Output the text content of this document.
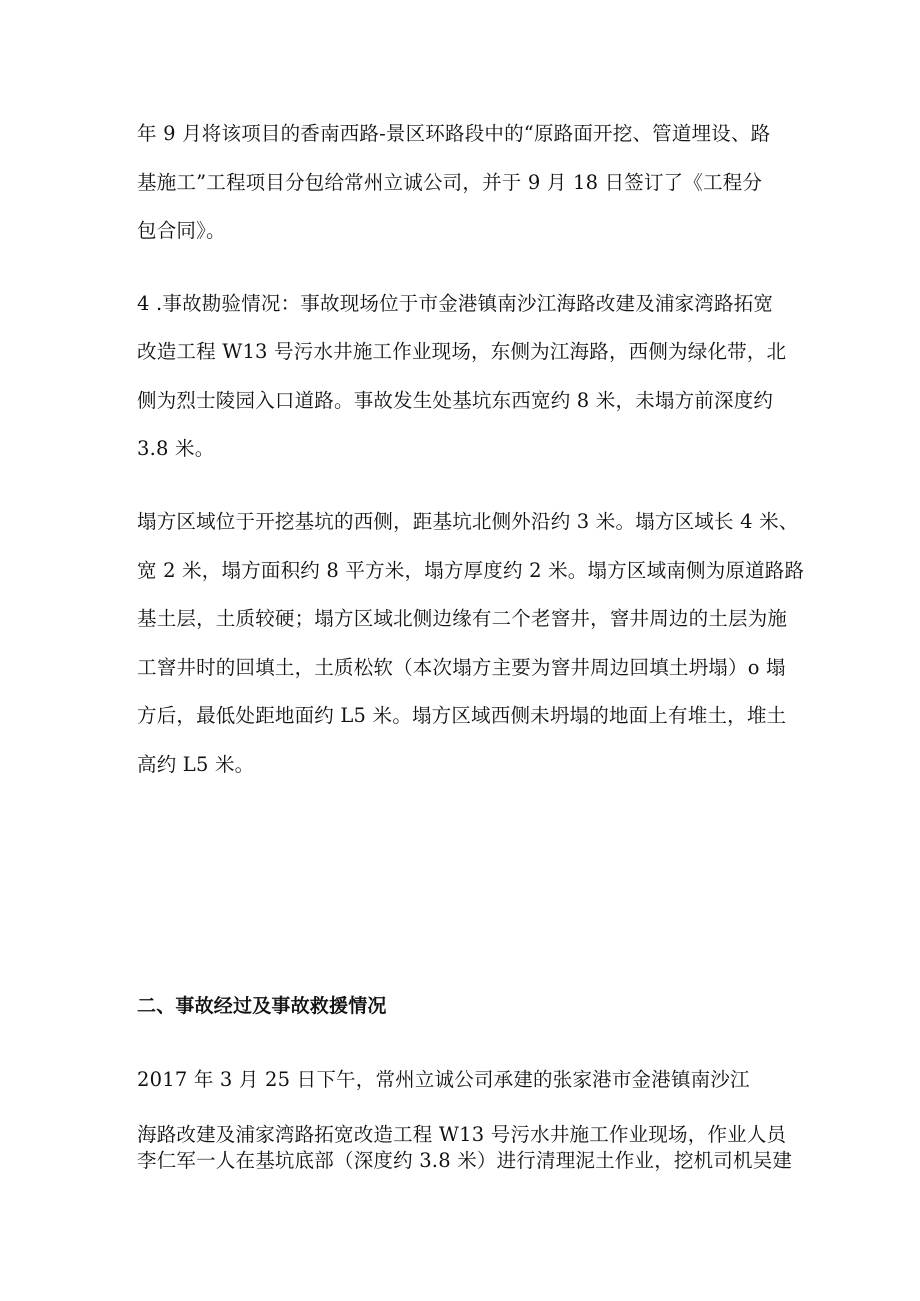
年 9 月将该项目的香南西路-景区环路段中的“原路面开挖、管道埋设、路
基施工”工程项目分包给常州立诚公司，并于 9 月 18 日签订了《工程分
包合同》。
4 .事故勘验情况：事故现场位于市金港镇南沙江海路改建及浦家湾路拓宽
改造工程 W13 号污水井施工作业现场，东侧为江海路，西侧为绿化带，北
侧为烈士陵园入口道路。事故发生处基坑东西宽约 8 米，未塌方前深度约
3.8 米。
塌方区域位于开挖基坑的西侧，距基坑北侧外沿约 3 米。塌方区域长 4 米、
宽 2 米，塌方面积约 8 平方米，塌方厚度约 2 米。塌方区域南侧为原道路路
基土层，土质较硬；塌方区域北侧边缘有二个老窨井，窨井周边的土层为施
工窨井时的回填土，土质松软（本次塌方主要为窨井周边回填土坍塌）o 塌
方后，最低处距地面约 L5 米。塌方区域西侧未坍塌的地面上有堆土，堆土
高约 L5 米。
二、事故经过及事故救援情况
2017 年 3 月 25 日下午，常州立诚公司承建的张家港市金港镇南沙江
海路改建及浦家湾路拓宽改造工程 W13 号污水井施工作业现场，作业人员
李仁军一人在基坑底部（深度约 3.8 米）进行清理泥土作业，挖机司机吴建
